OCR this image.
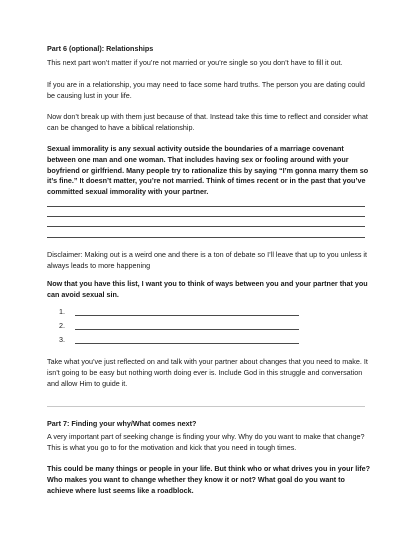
Part 6 (optional): Relationships

This next part won’t matter if you’re not married or you’re single so you don’t have to fill it out.

If you are in a relationship, you may need to face some hard truths. The person you are dating could be causing lust in your life.

Now don’t break up with them just because of that. Instead take this time to reflect and consider what can be changed to have a biblical relationship.

Sexual immorality is any sexual activity outside the boundaries of a marriage covenant between one man and one woman. That includes having sex or fooling around with your boyfriend or girlfriend. Many people try to rationalize this by saying “I’m gonna marry them so it’s fine.” It doesn’t matter, you’re not married. Think of times recent or in the past that you’ve committed sexual immorality with your partner.

Disclaimer: Making out is a weird one and there is a ton of debate so I’ll leave that up to you unless it always leads to more happening

Now that you have this list, I want you to think of ways between you and your partner that you can avoid sexual sin.

1.
2.
3.

Take what you’ve just reflected on and talk with your partner about changes that you need to make. It isn’t going to be easy but nothing worth doing ever is. Include God in this struggle and conversation and allow Him to guide it.

Part 7: Finding your why/What comes next?

A very important part of seeking change is finding your why. Why do you want to make that change? This is what you go to for the motivation and kick that you need in tough times.

This could be many things or people in your life. But think who or what drives you in your life? Who makes you want to change whether they know it or not? What goal do you want to achieve where lust seems like a roadblock.
